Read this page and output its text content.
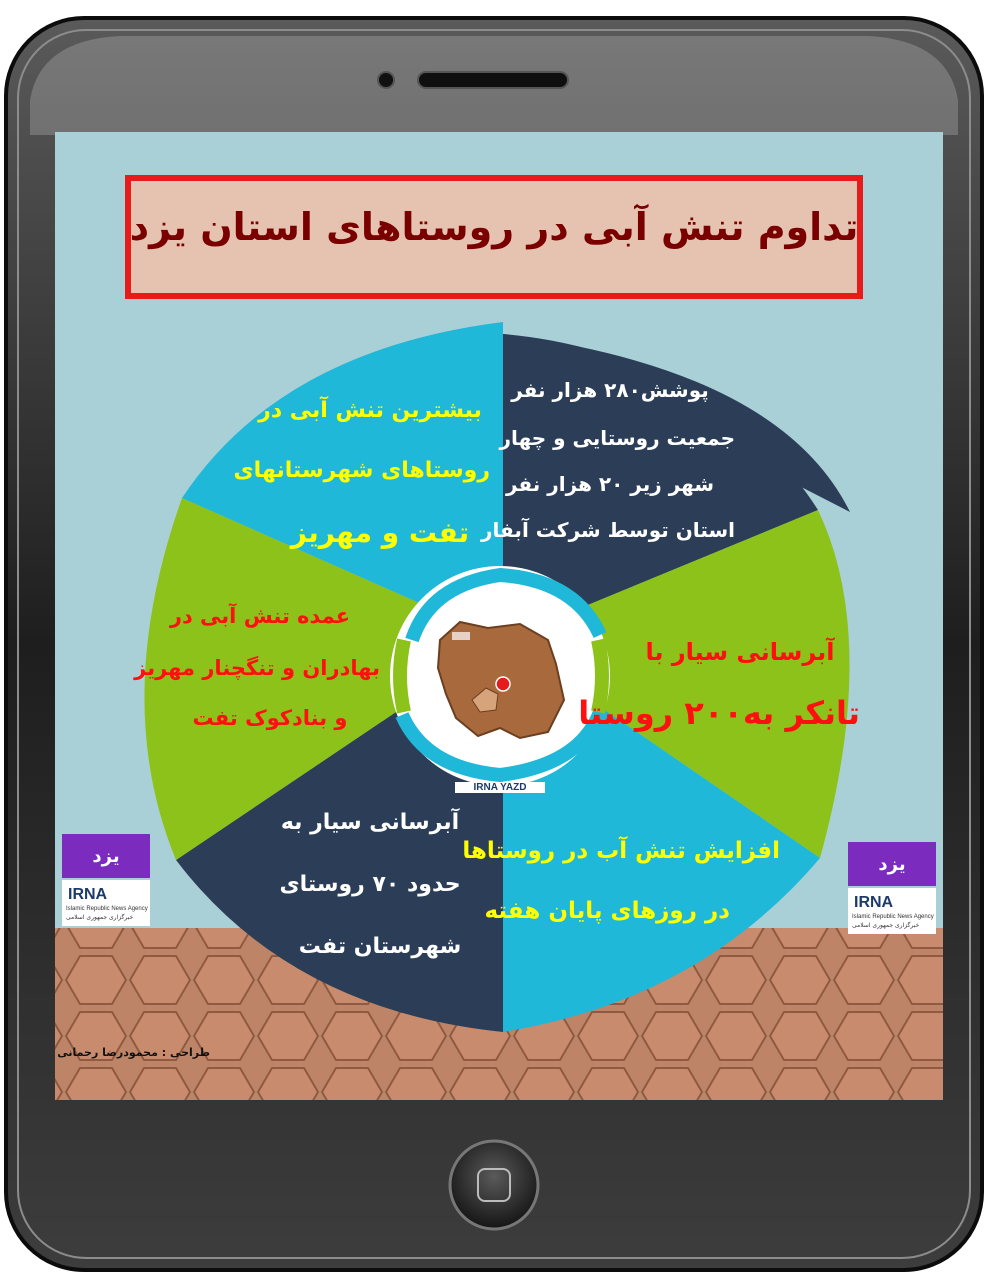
تداوم تنش آبی در روستاهای استان یزد
بیشترین تنش آبی در
روستاهای شهرستانهای
تفت و مهریز
پوشش۲۸۰ هزار نفر
جمعیت روستایی و چهار
شهر زیر ۲۰ هزار نفر
استان توسط شرکت آبفار
آبرسانی سیار با
تانکر به۲۰۰ روستا
افزایش تنش آب در روستاها
در روزهای پایان هفته
آبرسانی سیار به
حدود ۷۰ روستای
شهرستان تفت
عمده تنش آبی در
بهادران و تنگچنار مهریز
و بنادکوک تفت
IRNA YAZD
یزد
IRNA
Islamic Republic News Agency
خبرگزاری جمهوری اسلامی
یزد
IRNA
Islamic Republic News Agency
خبرگزاری جمهوری اسلامی
طراحی : محمودرضا رحمانی
